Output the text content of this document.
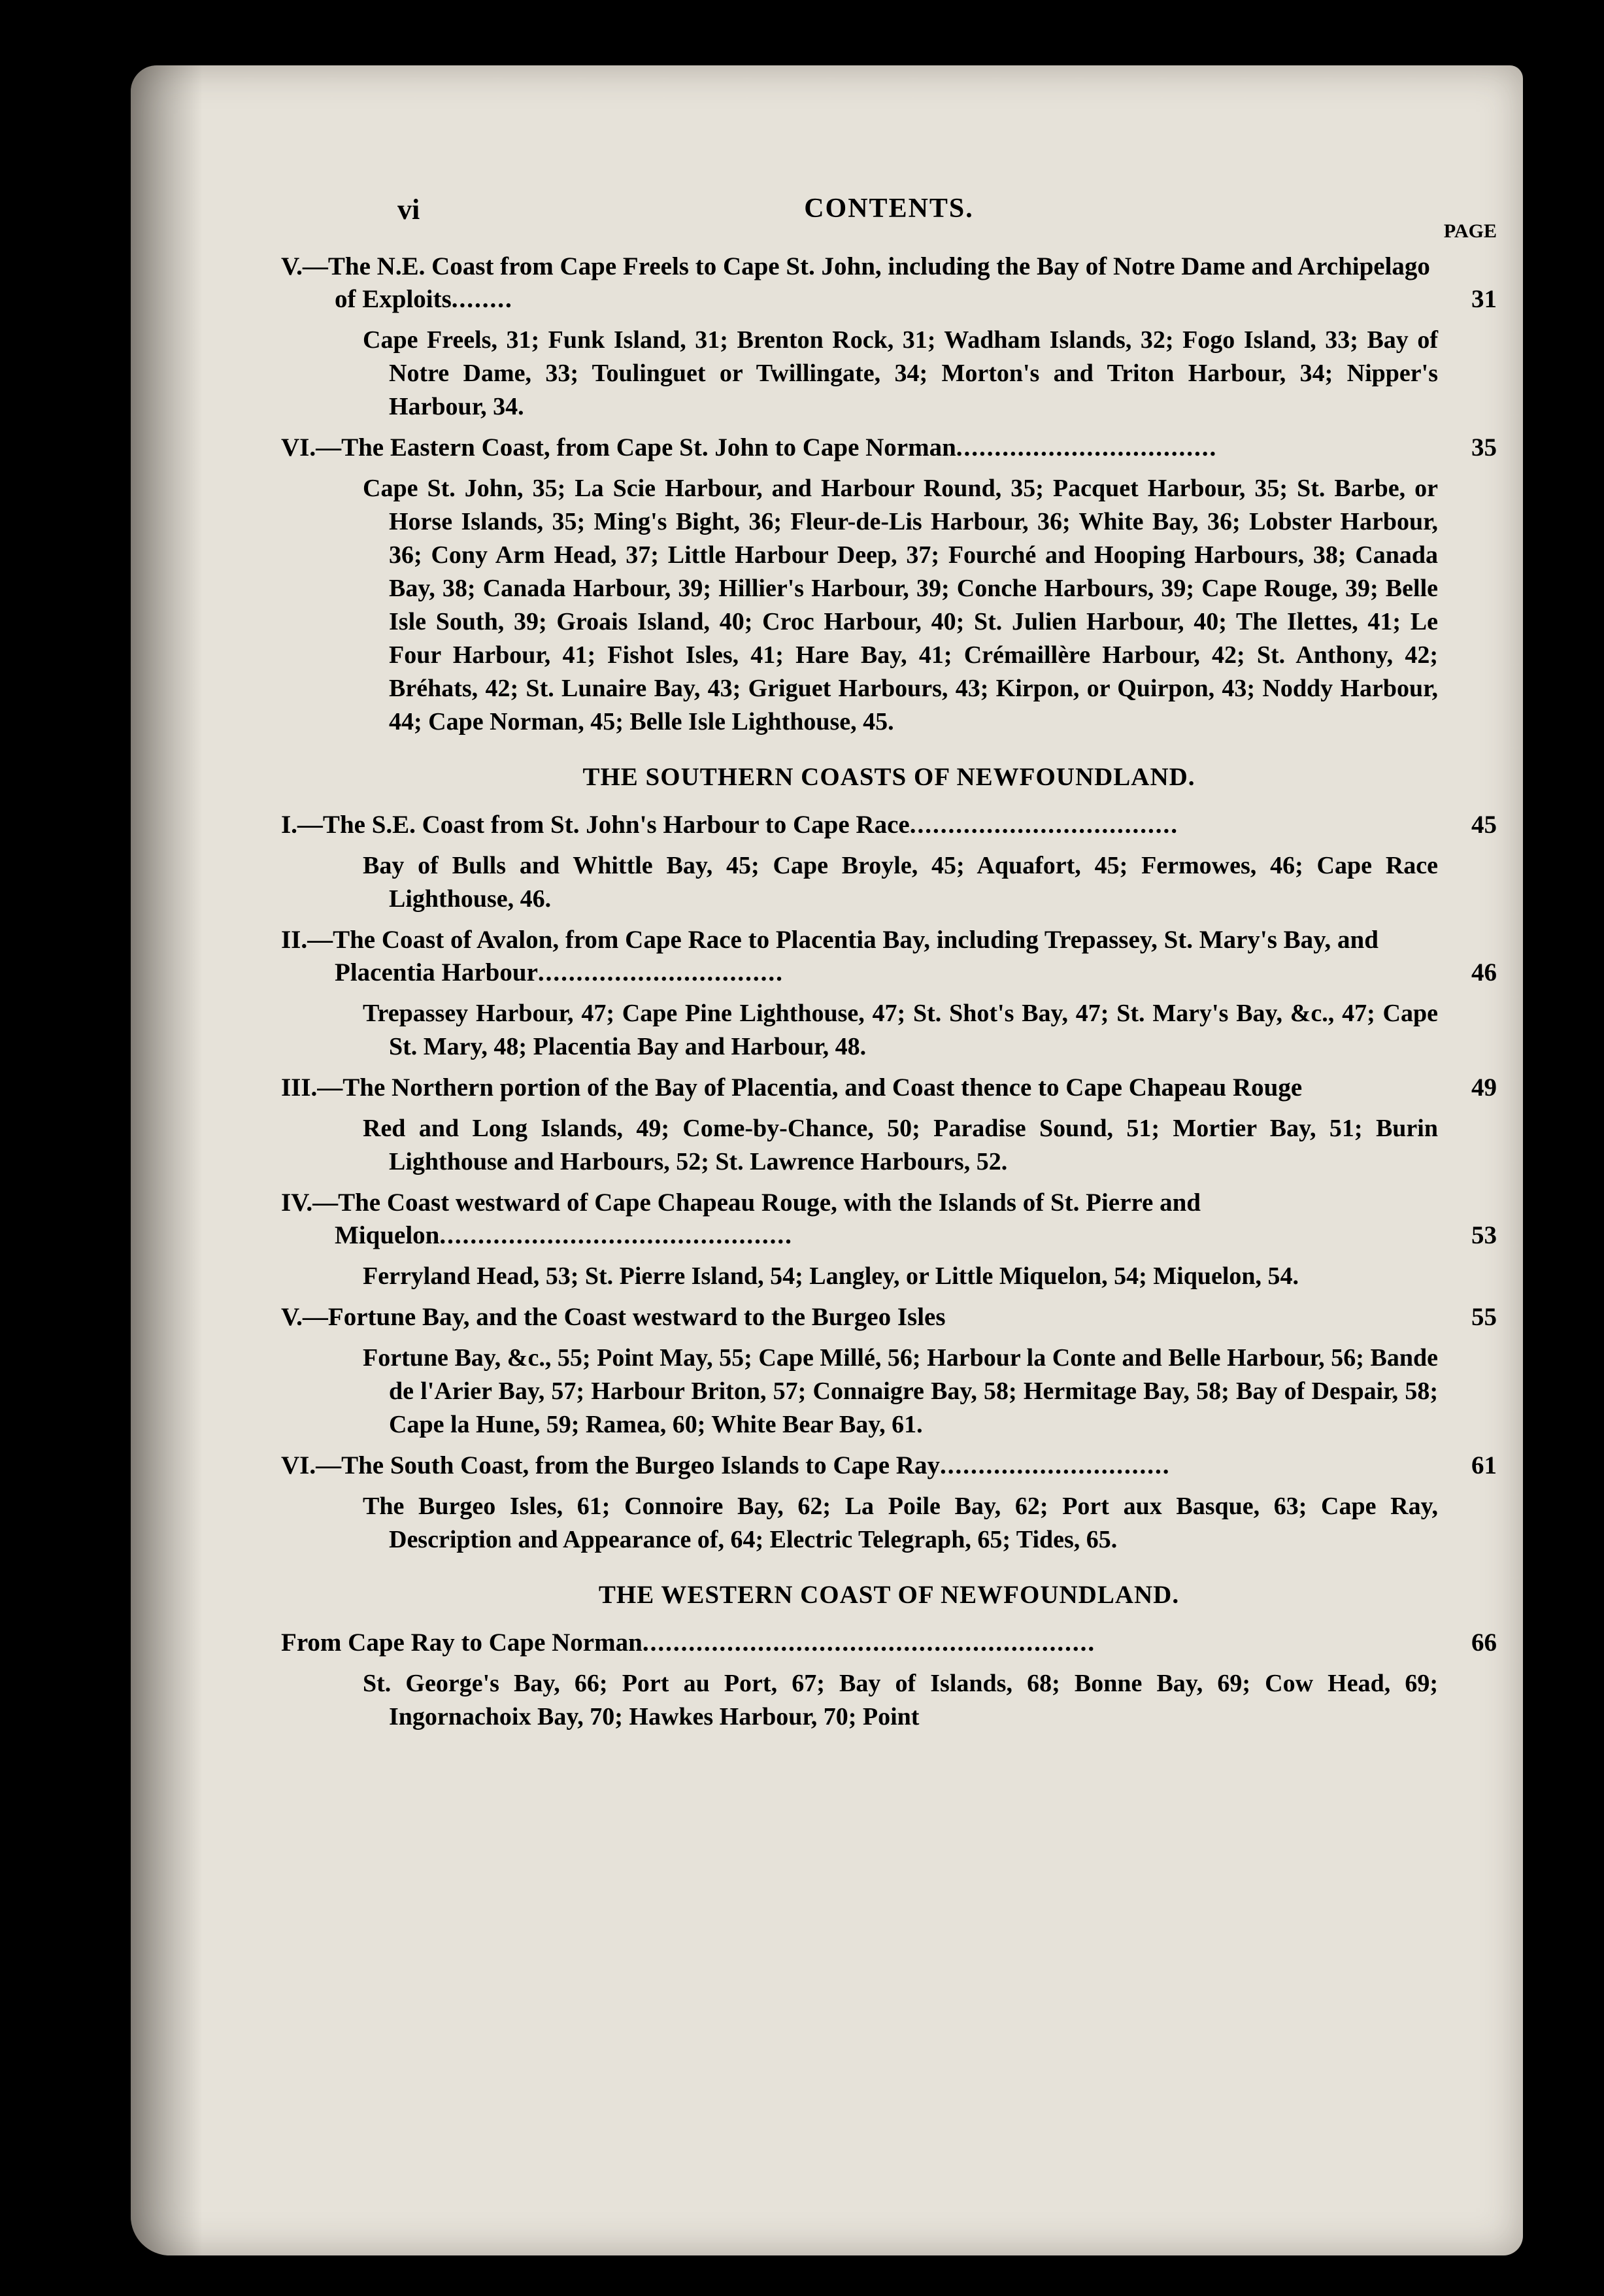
vi	CONTENTS.
PAGE
V.—The N.E. Coast from Cape Freels to Cape St. John, including the Bay of Notre Dame and Archipelago of Exploits........	31
Cape Freels, 31; Funk Island, 31; Brenton Rock, 31; Wadham Islands, 32; Fogo Island, 33; Bay of Notre Dame, 33; Toulinguet or Twillingate, 34; Morton's and Triton Harbour, 34; Nipper's Harbour, 34.
VI.—The Eastern Coast, from Cape St. John to Cape Norman..................................	35
Cape St. John, 35; La Scie Harbour, and Harbour Round, 35; Pacquet Harbour, 35; St. Barbe, or Horse Islands, 35; Ming's Bight, 36; Fleur-de-Lis Harbour, 36; White Bay, 36; Lobster Harbour, 36; Cony Arm Head, 37; Little Harbour Deep, 37; Fourché and Hooping Harbours, 38; Canada Bay, 38; Canada Harbour, 39; Hillier's Harbour, 39; Conche Harbours, 39; Cape Rouge, 39; Belle Isle South, 39; Groais Island, 40; Croc Harbour, 40; St. Julien Harbour, 40; The Ilettes, 41; Le Four Harbour, 41; Fishot Isles, 41; Hare Bay, 41; Crémaillère Harbour, 42; St. Anthony, 42; Bréhats, 42; St. Lunaire Bay, 43; Griguet Harbours, 43; Kirpon, or Quirpon, 43; Noddy Harbour, 44; Cape Norman, 45; Belle Isle Lighthouse, 45.
THE SOUTHERN COASTS OF NEWFOUNDLAND.
I.—The S.E. Coast from St. John's Harbour to Cape Race...................................	45
Bay of Bulls and Whittle Bay, 45; Cape Broyle, 45; Aquafort, 45; Fermowes, 46; Cape Race Lighthouse, 46.
II.—The Coast of Avalon, from Cape Race to Placentia Bay, including Trepassey, St. Mary's Bay, and Placentia Harbour................................	46
Trepassey Harbour, 47; Cape Pine Lighthouse, 47; St. Shot's Bay, 47; St. Mary's Bay, &c., 47; Cape St. Mary, 48; Placentia Bay and Harbour, 48.
III.—The Northern portion of the Bay of Placentia, and Coast thence to Cape Chapeau Rouge	49
Red and Long Islands, 49; Come-by-Chance, 50; Paradise Sound, 51; Mortier Bay, 51; Burin Lighthouse and Harbours, 52; St. Lawrence Harbours, 52.
IV.—The Coast westward of Cape Chapeau Rouge, with the Islands of St. Pierre and Miquelon..............................................	53
Ferryland Head, 53; St. Pierre Island, 54; Langley, or Little Miquelon, 54; Miquelon, 54.
V.—Fortune Bay, and the Coast westward to the Burgeo Isles	55
Fortune Bay, &c., 55; Point May, 55; Cape Millé, 56; Harbour la Conte and Belle Harbour, 56; Bande de l'Arier Bay, 57; Harbour Briton, 57; Connaigre Bay, 58; Hermitage Bay, 58; Bay of Despair, 58; Cape la Hune, 59; Ramea, 60; White Bear Bay, 61.
VI.—The South Coast, from the Burgeo Islands to Cape Ray..............................	61
The Burgeo Isles, 61; Connoire Bay, 62; La Poile Bay, 62; Port aux Basque, 63; Cape Ray, Description and Appearance of, 64; Electric Telegraph, 65; Tides, 65.
THE WESTERN COAST OF NEWFOUNDLAND.
From Cape Ray to Cape Norman...........................................................	66
St. George's Bay, 66; Port au Port, 67; Bay of Islands, 68; Bonne Bay, 69; Cow Head, 69; Ingornachoix Bay, 70; Hawkes Harbour, 70; Point
